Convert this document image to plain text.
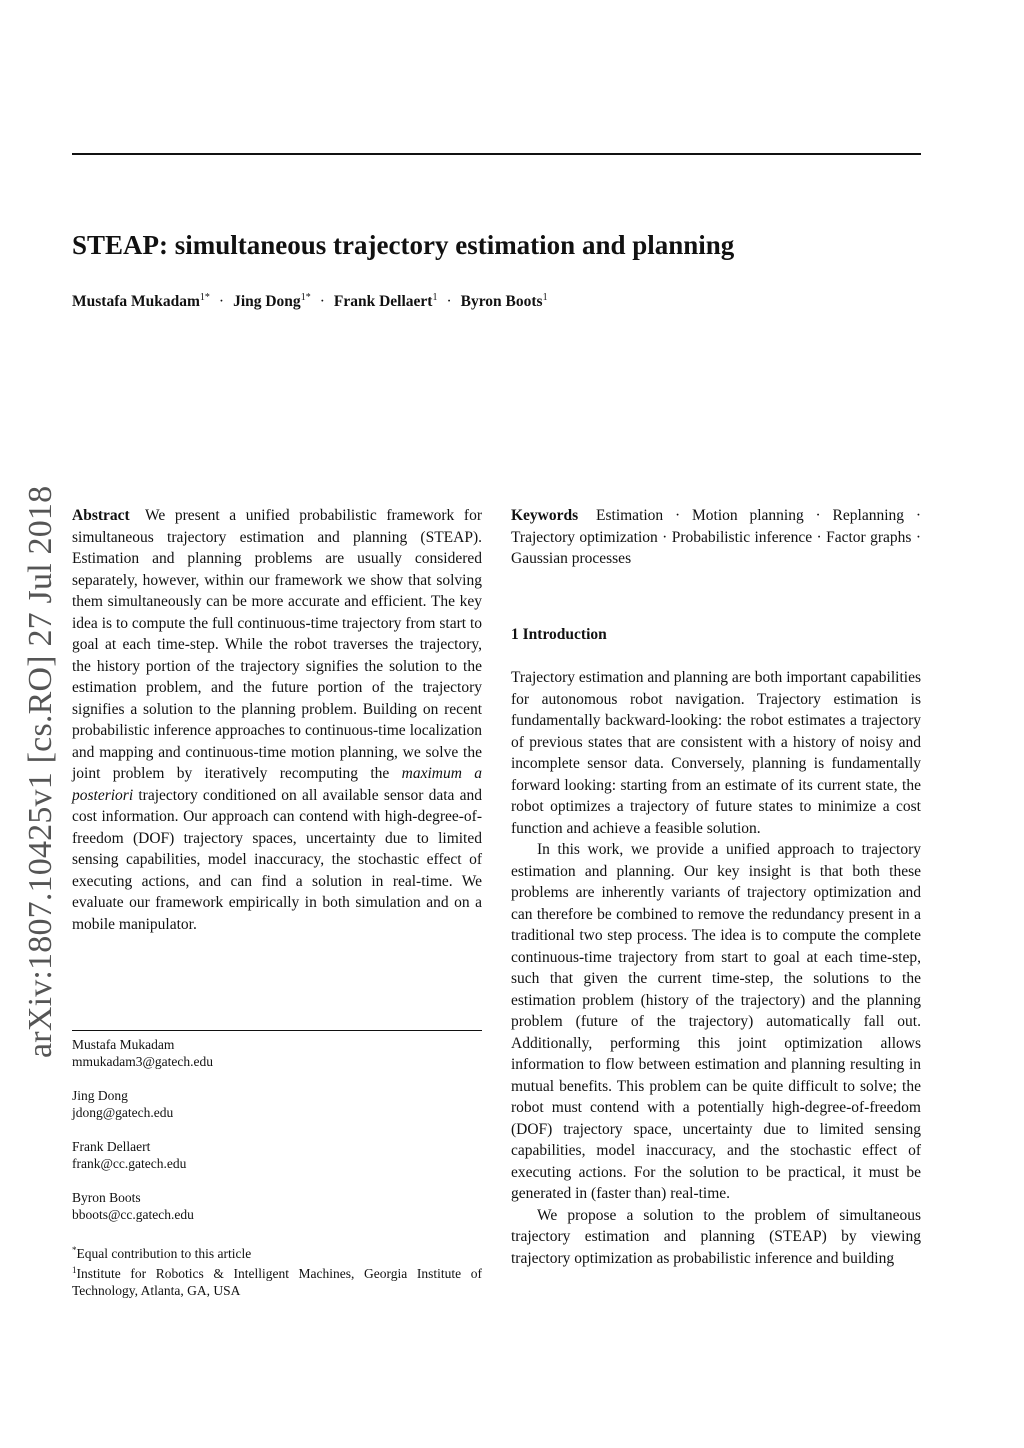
arXiv:1807.10425v1 [cs.RO] 27 Jul 2018
STEAP: simultaneous trajectory estimation and planning
Mustafa Mukadam$^{1*}$ · Jing Dong$^{1*}$ · Frank Dellaert$^1$ · Byron Boots$^1$

Abstract We present a unified probabilistic framework for simultaneous trajectory estimation and planning (STEAP). Estimation and planning problems are usually considered separately, however, within our framework we show that solving them simultaneously can be more accurate and efficient. The key idea is to compute the full continuous-time trajectory from start to goal at each time-step. While the robot traverses the trajectory, the history portion of the trajectory signifies the solution to the estimation problem, and the future portion of the trajectory signifies a solution to the planning problem. Building on recent probabilistic inference approaches to continuous-time localization and mapping and continuous-time motion planning, we solve the joint problem by iteratively recomputing the maximum a posteriori trajectory conditioned on all available sensor data and cost information. Our approach can contend with high-degree-of-freedom (DOF) trajectory spaces, uncertainty due to limited sensing capabilities, model inaccuracy, the stochastic effect of executing actions, and can find a solution in real-time. We evaluate our framework empirically in both simulation and on a mobile manipulator.

Mustafa Mukadam
mmukadam3@gatech.edu
Jing Dong
jdong@gatech.edu
Frank Dellaert
frank@cc.gatech.edu
Byron Boots
bboots@cc.gatech.edu

*Equal contribution to this article

$^1$Institute for Robotics & Intelligent Machines, Georgia Institute of Technology, Atlanta, GA, USA

Keywords Estimation · Motion planning · Replanning · Trajectory optimization · Probabilistic inference · Factor graphs · Gaussian processes

1 Introduction

Trajectory estimation and planning are both important capabilities for autonomous robot navigation. Trajectory estimation is fundamentally backward-looking: the robot estimates a trajectory of previous states that are consistent with a history of noisy and incomplete sensor data. Conversely, planning is fundamentally forward looking: starting from an estimate of its current state, the robot optimizes a trajectory of future states to minimize a cost function and achieve a feasible solution.

In this work, we provide a unified approach to trajectory estimation and planning. Our key insight is that both these problems are inherently variants of trajectory optimization and can therefore be combined to remove the redundancy present in a traditional two step process. The idea is to compute the complete continuous-time trajectory from start to goal at each time-step, such that given the current time-step, the solutions to the estimation problem (history of the trajectory) and the planning problem (future of the trajectory) automatically fall out. Additionally, performing this joint optimization allows information to flow between estimation and planning resulting in mutual benefits. This problem can be quite difficult to solve; the robot must contend with a potentially high-degree-of-freedom (DOF) trajectory space, uncertainty due to limited sensing capabilities, model inaccuracy, and the stochastic effect of executing actions. For the solution to be practical, it must be generated in (faster than) real-time.

We propose a solution to the problem of simultaneous trajectory estimation and planning (STEAP) by viewing trajectory optimization as probabilistic inference and building
